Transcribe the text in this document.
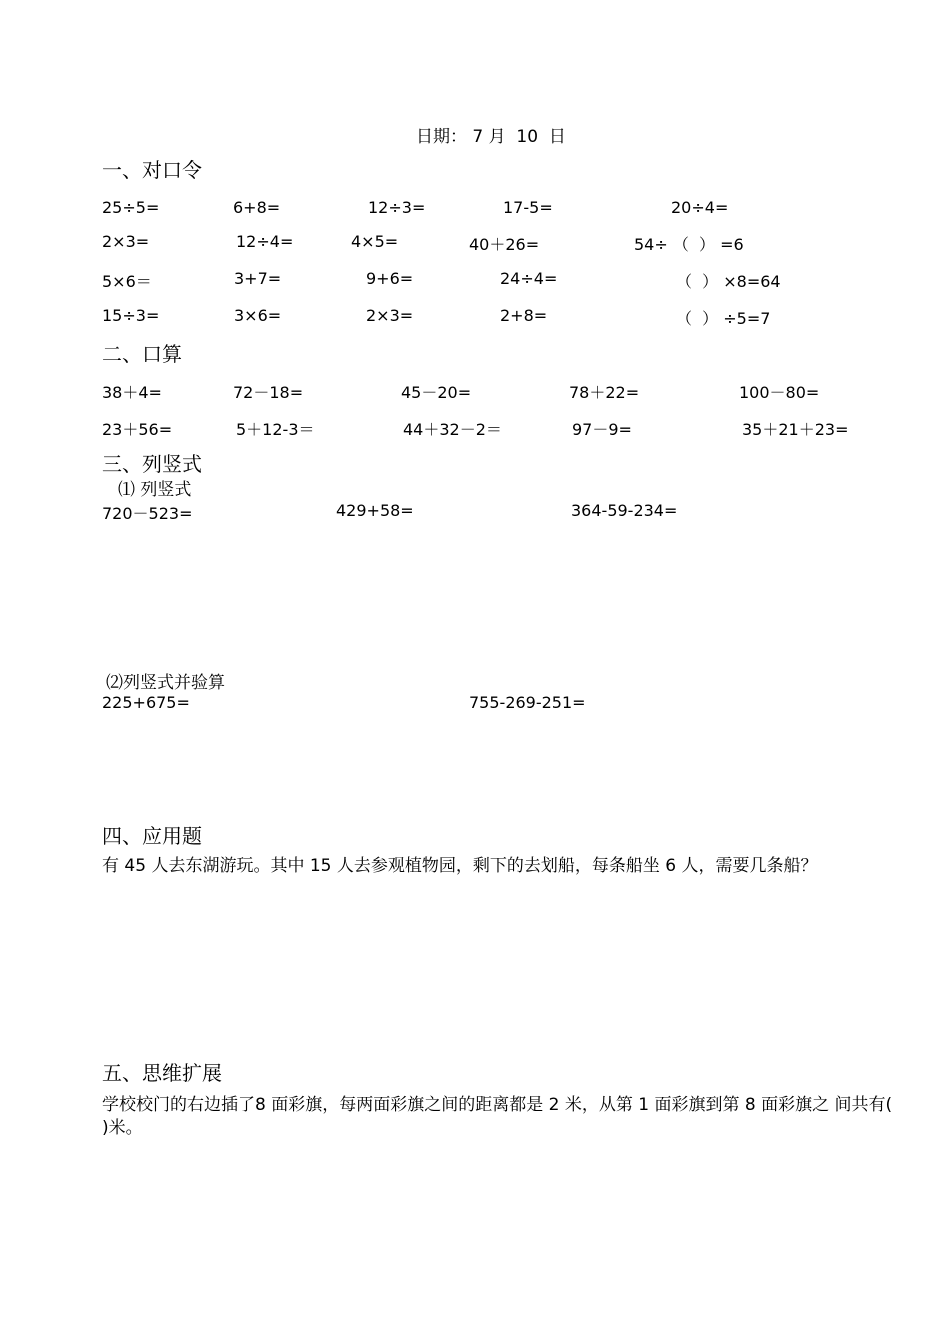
日期： 7 月  10  日
一、对口令
25÷5=	6+8=	12÷3=	17-5=	20÷4=
2×3=	12÷4=	4×5=	40＋26=	54÷ （  ） =6
5×6＝	3+7=	9+6=	24÷4=	（  ） ×8=64
15÷3=	3×6=	2×3=	2+8=	（  ） ÷5=7
二、口算
38＋4=	72－18=	45－20=	78＋22=	100－80=
23＋56=	5＋12-3＝	44＋32－2＝	97－9=	35＋21＋23=
三、列竖式
⑴ 列竖式
720－523=	429+58=	364-59-234=
⑵列竖式并验算
225+675=	755-269-251=
四、应用题
有 45 人去东湖游玩。其中 15 人去参观植物园，剩下的去划船，每条船坐 6 人，需要几条船？
五、思维扩展
学校校门的右边插了8 面彩旗，每两面彩旗之间的距离都是 2 米，从第 1 面彩旗到第 8 面彩旗之 间共有(  )米。
